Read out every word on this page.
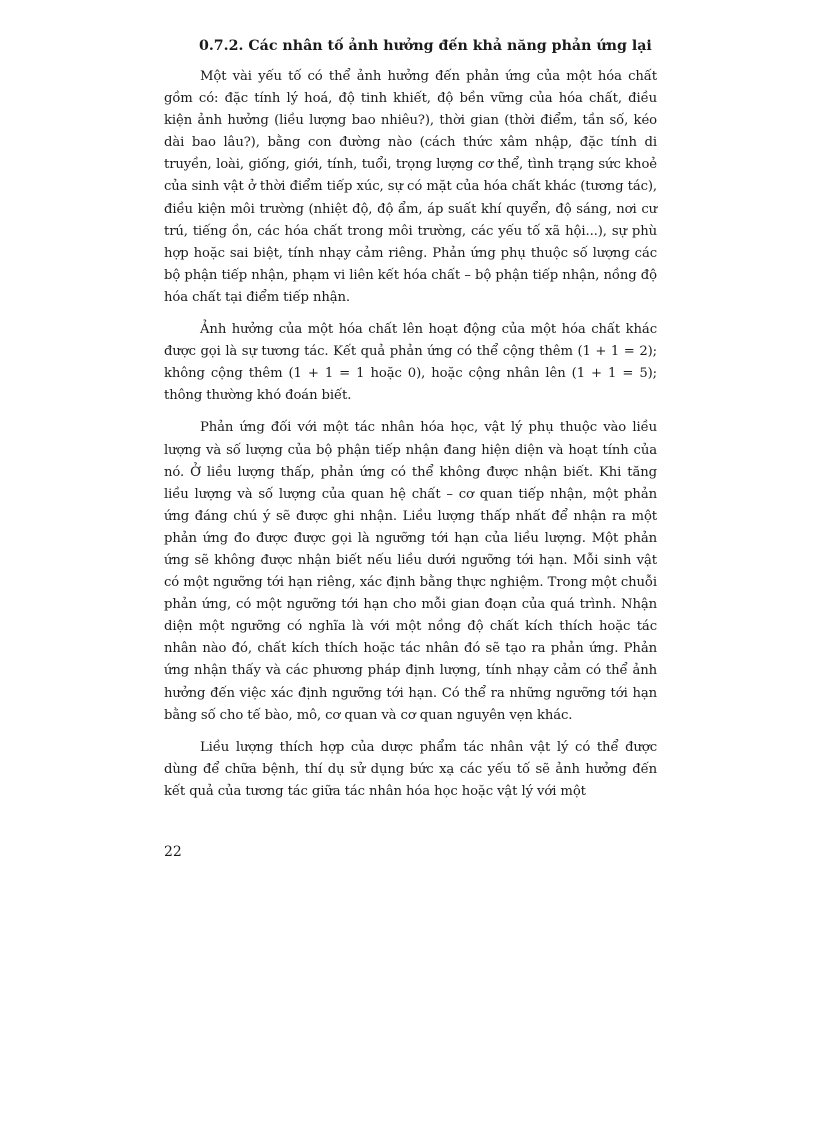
0.7.2. Các nhân tố ảnh hưởng đến khả năng phản ứng lại

Một vài yếu tố có thể ảnh hưởng đến phản ứng của một hóa chất gồm có: đặc tính lý hoá, độ tinh khiết, độ bền vững của hóa chất, điều kiện ảnh hưởng (liều lượng bao nhiêu?), thời gian (thời điểm, tần số, kéo dài bao lâu?), bằng con đường nào (cách thức xâm nhập, đặc tính di truyền, loài, giống, giới, tính, tuổi, trọng lượng cơ thể, tình trạng sức khoẻ của sinh vật ở thời điểm tiếp xúc, sự có mặt của hóa chất khác (tương tác), điều kiện môi trường (nhiệt độ, độ ẩm, áp suất khí quyển, độ sáng, nơi cư trú, tiếng ồn, các hóa chất trong môi trường, các yếu tố xã hội...), sự phù hợp hoặc sai biệt, tính nhạy cảm riêng. Phản ứng phụ thuộc số lượng các bộ phận tiếp nhận, phạm vi liên kết hóa chất – bộ phận tiếp nhận, nồng độ hóa chất tại điểm tiếp nhận.

Ảnh hưởng của một hóa chất lên hoạt động của một hóa chất khác được gọi là sự tương tác. Kết quả phản ứng có thể cộng thêm (1 + 1 = 2); không cộng thêm (1 + 1 = 1 hoặc 0), hoặc cộng nhân lên (1 + 1 = 5); thông thường khó đoán biết.

Phản ứng đối với một tác nhân hóa học, vật lý phụ thuộc vào liều lượng và số lượng của bộ phận tiếp nhận đang hiện diện và hoạt tính của nó. Ở liều lượng thấp, phản ứng có thể không được nhận biết. Khi tăng liều lượng và số lượng của quan hệ chất – cơ quan tiếp nhận, một phản ứng đáng chú ý sẽ được ghi nhận. Liều lượng thấp nhất để nhận ra một phản ứng đo được được gọi là ngưỡng tới hạn của liều lượng. Một phản ứng sẽ không được nhận biết nếu liều dưới ngưỡng tới hạn. Mỗi sinh vật có một ngưỡng tới hạn riêng, xác định bằng thực nghiệm. Trong một chuỗi phản ứng, có một ngưỡng tới hạn cho mỗi gian đoạn của quá trình. Nhận diện một ngưỡng có nghĩa là với một nồng độ chất kích thích hoặc tác nhân nào đó, chất kích thích hoặc tác nhân đó sẽ tạo ra phản ứng. Phản ứng nhận thấy và các phương pháp định lượng, tính nhạy cảm có thể ảnh hưởng đến việc xác định ngưỡng tới hạn. Có thể ra những ngưỡng tới hạn bằng số cho tế bào, mô, cơ quan và cơ quan nguyên vẹn khác.

Liều lượng thích hợp của dược phẩm tác nhân vật lý có thể được dùng để chữa bệnh, thí dụ sử dụng bức xạ các yếu tố sẽ ảnh hưởng đến kết quả của tương tác giữa tác nhân hóa học hoặc vật lý với một

22
